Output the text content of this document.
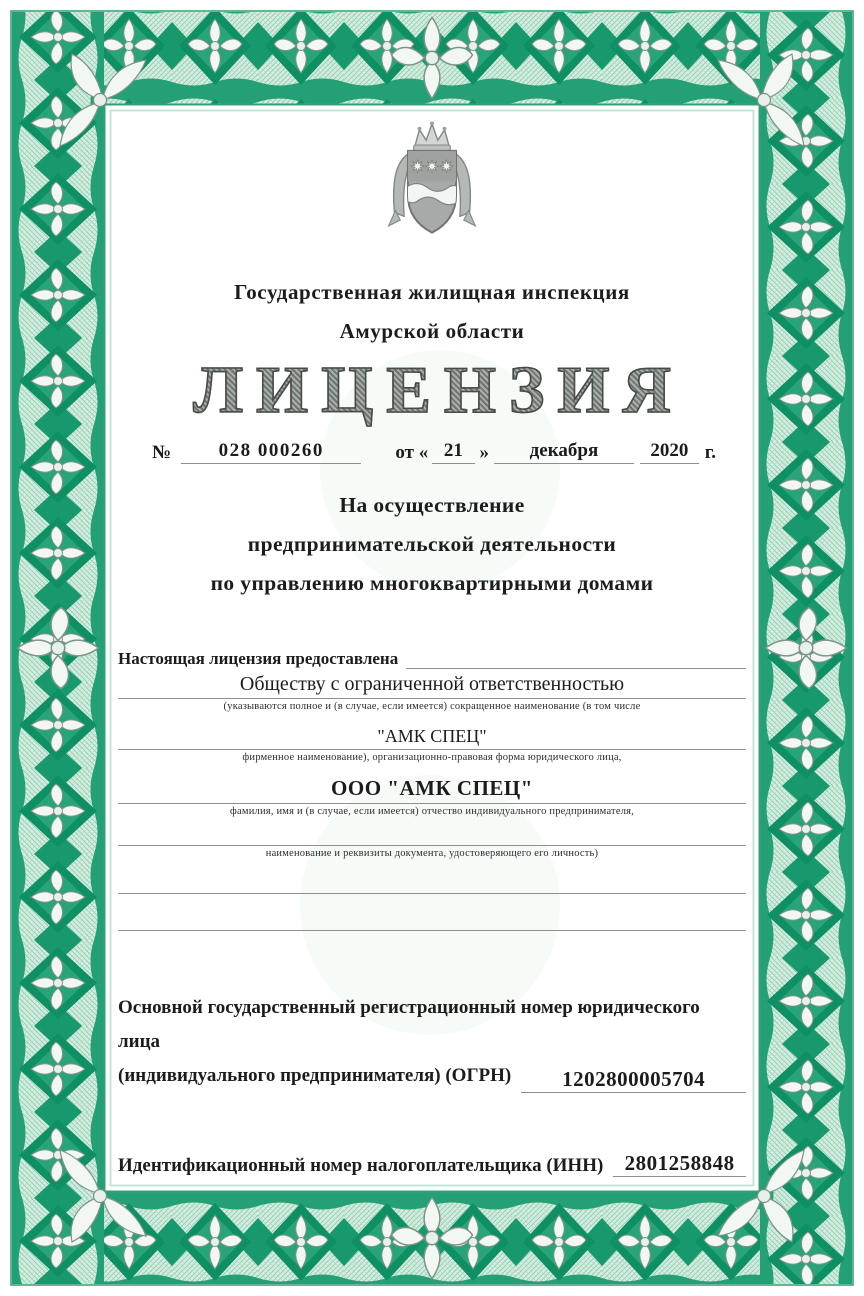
Государственная жилищная инспекция
Амурской области
ЛИЦЕНЗИЯ
№	028 000260	от « 21 »	декабря	2020 г.
На осуществление
предпринимательской деятельности
по управлению многоквартирными домами
Настоящая лицензия предоставлена
Обществу с ограниченной ответственностью
(указываются полное и (в случае, если имеется) сокращенное наименование (в том числе
"АМК СПЕЦ"
фирменное наименование), организационно-правовая форма юридического лица,
ООО "АМК СПЕЦ"
фамилия, имя и (в случае, если имеется) отчество индивидуального предпринимателя,
наименование и реквизиты документа, удостоверяющего его личность)
Основной государственный регистрационный номер юридического лица
(индивидуального предпринимателя) (ОГРН)	1202800005704
Идентификационный номер налогоплательщика (ИНН)	2801258848
